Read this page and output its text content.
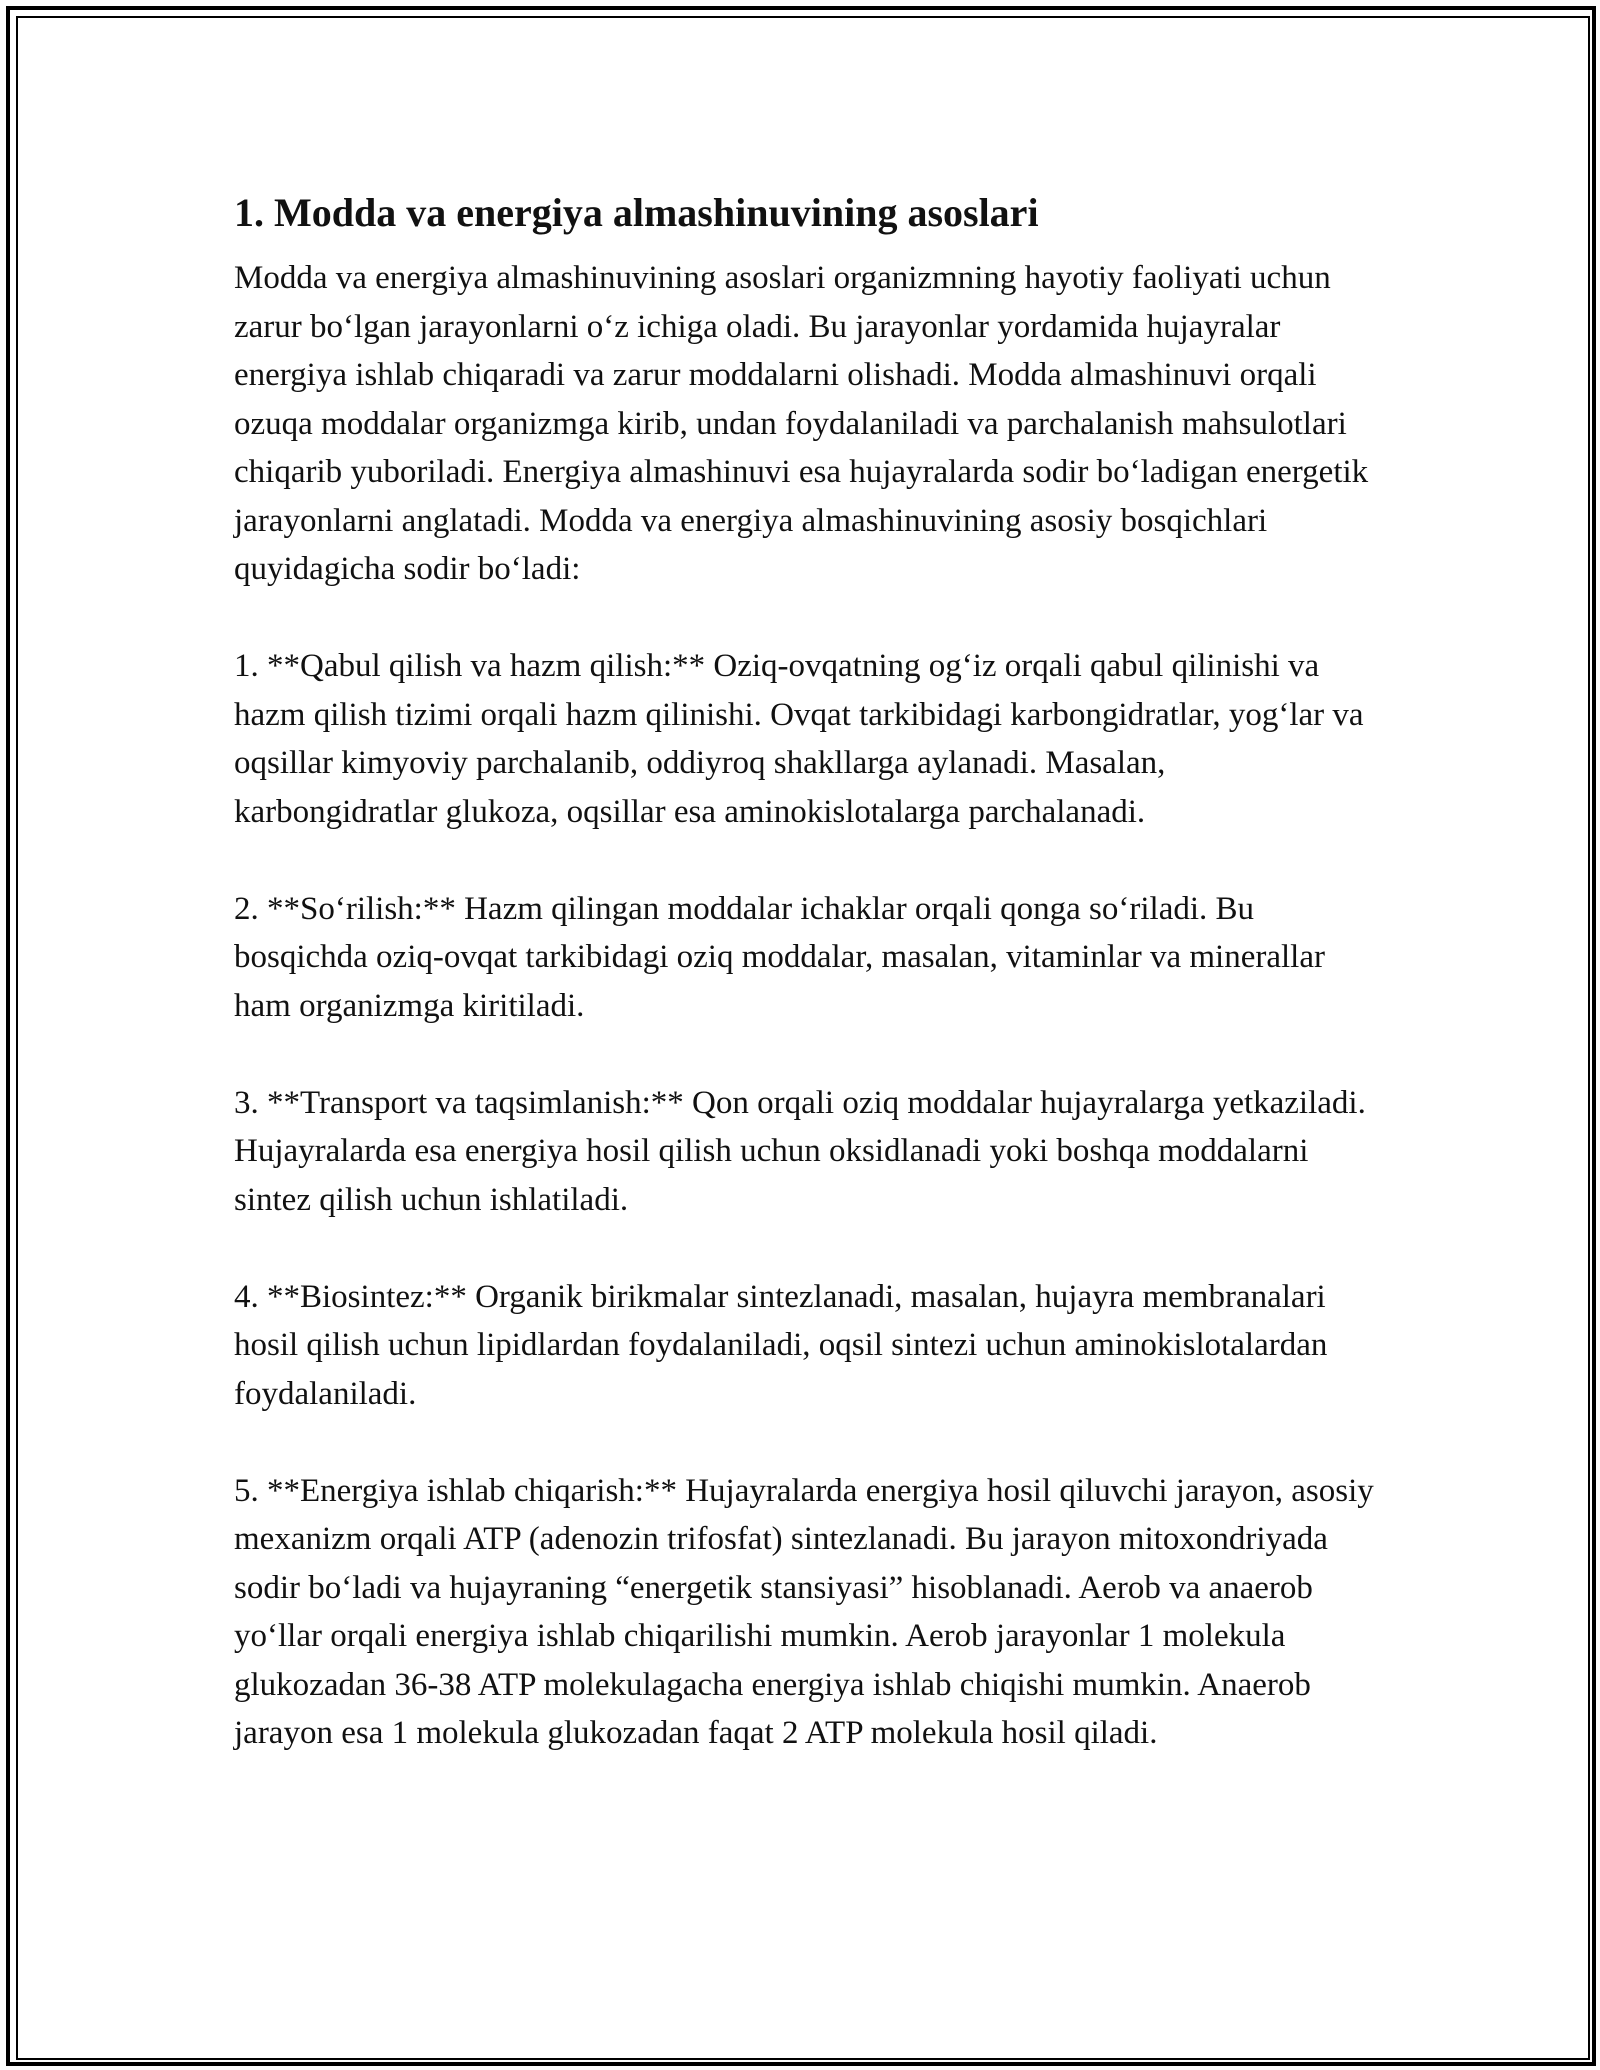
1. Modda va energiya almashinuvining asoslari

Modda va energiya almashinuvining asoslari organizmning hayotiy faoliyati uchun zarur bo‘lgan jarayonlarni o‘z ichiga oladi. Bu jarayonlar yordamida hujayralar energiya ishlab chiqaradi va zarur moddalarni olishadi. Modda almashinuvi orqali ozuqa moddalar organizmga kirib, undan foydalaniladi va parchalanish mahsulotlari chiqarib yuboriladi. Energiya almashinuvi esa hujayralarda sodir bo‘ladigan energetik jarayonlarni anglatadi. Modda va energiya almashinuvining asosiy bosqichlari quyidagicha sodir bo‘ladi:

1. **Qabul qilish va hazm qilish:** Oziq-ovqatning og‘iz orqali qabul qilinishi va hazm qilish tizimi orqali hazm qilinishi. Ovqat tarkibidagi karbongidratlar, yog‘lar va oqsillar kimyoviy parchalanib, oddiyroq shakllarga aylanadi. Masalan, karbongidratlar glukoza, oqsillar esa aminokislotalarga parchalanadi.

2. **So‘rilish:** Hazm qilingan moddalar ichaklar orqali qonga so‘riladi. Bu bosqichda oziq-ovqat tarkibidagi oziq moddalar, masalan, vitaminlar va minerallar ham organizmga kiritiladi.

3. **Transport va taqsimlanish:** Qon orqali oziq moddalar hujayralarga yetkaziladi. Hujayralarda esa energiya hosil qilish uchun oksidlanadi yoki boshqa moddalarni sintez qilish uchun ishlatiladi.

4. **Biosintez:** Organik birikmalar sintezlanadi, masalan, hujayra membranalari hosil qilish uchun lipidlardan foydalaniladi, oqsil sintezi uchun aminokislotalardan foydalaniladi.

5. **Energiya ishlab chiqarish:** Hujayralarda energiya hosil qiluvchi jarayon, asosiy mexanizm orqali ATP (adenozin trifosfat) sintezlanadi. Bu jarayon mitoxondriyada sodir bo‘ladi va hujayraning “energetik stansiyasi” hisoblanadi. Aerob va anaerob yo‘llar orqali energiya ishlab chiqarilishi mumkin. Aerob jarayonlar 1 molekula glukozadan 36-38 ATP molekulagacha energiya ishlab chiqishi mumkin. Anaerob jarayon esa 1 molekula glukozadan faqat 2 ATP molekula hosil qiladi.
